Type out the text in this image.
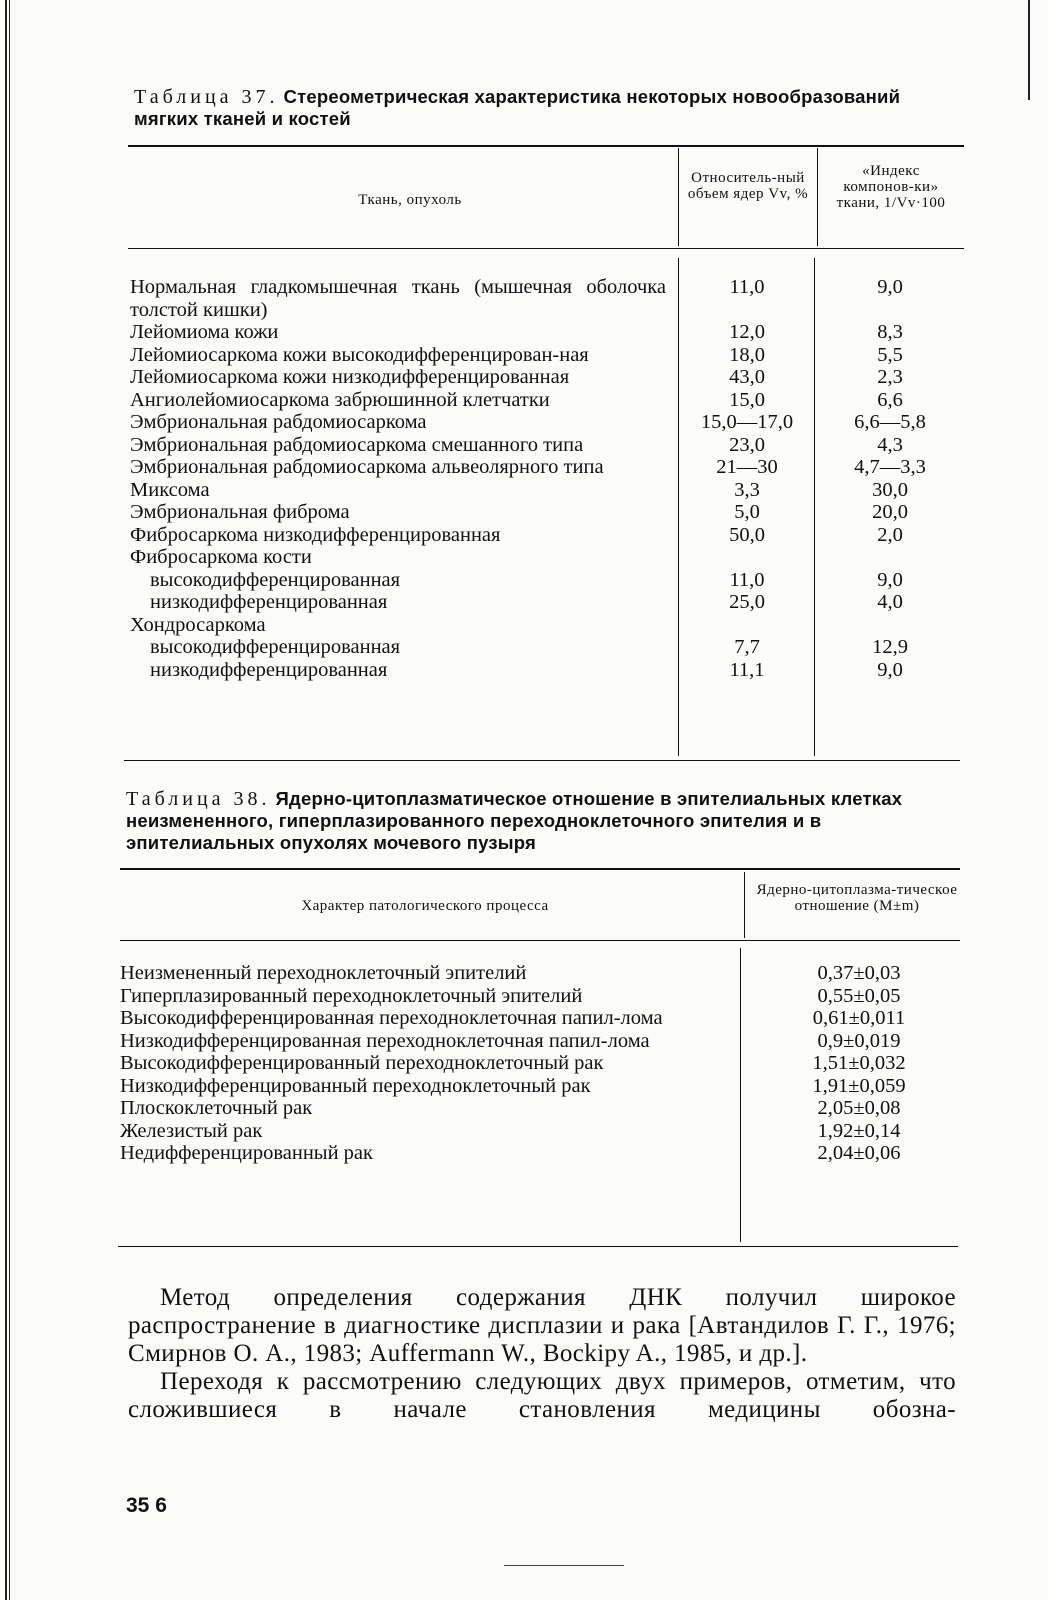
Таблица 37. Стереометрическая характеристика некоторых новообразований мягких тканей и костей
Ткань, опухоль
Относитель-ный объем ядер Vv, %
«Индекс компонов-ки» ткани, 1/Vv·100
Нормальная гладкомышечная ткань (мышечная оболочка толстой кишки)
11,0	9,0
Лейомиома кожи	12,0	8,3
Лейомиосаркома кожи высокодифференцирован-ная	18,0	5,5
Лейомиосаркома кожи низкодифференцированная	43,0	2,3
Ангиолейомиосаркома забрюшинной клетчатки	15,0	6,6
Эмбриональная рабдомиосаркома	15,0—17,0	6,6—5,8
Эмбриональная рабдомиосаркома смешанного типа	23,0	4,3
Эмбриональная рабдомиосаркома альвеолярного типа	21—30	4,7—3,3
Миксома	3,3	30,0
Эмбриональная фиброма	5,0	20,0
Фибросаркома низкодифференцированная	50,0	2,0
Фибросаркома кости
высокодифференцированная	11,0	9,0
низкодифференцированная	25,0	4,0
Хондросаркома
высокодифференцированная	7,7	12,9
низкодифференцированная	11,1	9,0
Таблица 38. Ядерно-цитоплазматическое отношение в эпителиальных клетках неизмененного, гиперплазированного переходноклеточного эпителия и в эпителиальных опухолях мочевого пузыря
Характер патологического процесса
Ядерно-цитоплазма-тическое отношение (M±m)
Неизмененный переходноклеточный эпителий	0,37±0,03
Гиперплазированный переходноклеточный эпителий	0,55±0,05
Высокодифференцированная переходноклеточная папил-лома	0,61±0,011
Низкодифференцированная переходноклеточная папил-лома	0,9±0,019
Высокодифференцированный переходноклеточный рак	1,51±0,032
Низкодифференцированный переходноклеточный рак	1,91±0,059
Плоскоклеточный рак	2,05±0,08
Железистый рак	1,92±0,14
Недифференцированный рак	2,04±0,06

Метод определения содержания ДНК получил широкое распространение в диагностике дисплазии и рака [Автандилов Г. Г., 1976; Смирнов О. А., 1983; Auffermann W., Bockipy A., 1985, и др.].

Переходя к рассмотрению следующих двух примеров, отметим, что сложившиеся в начале становления медицины обозна-

35 6
